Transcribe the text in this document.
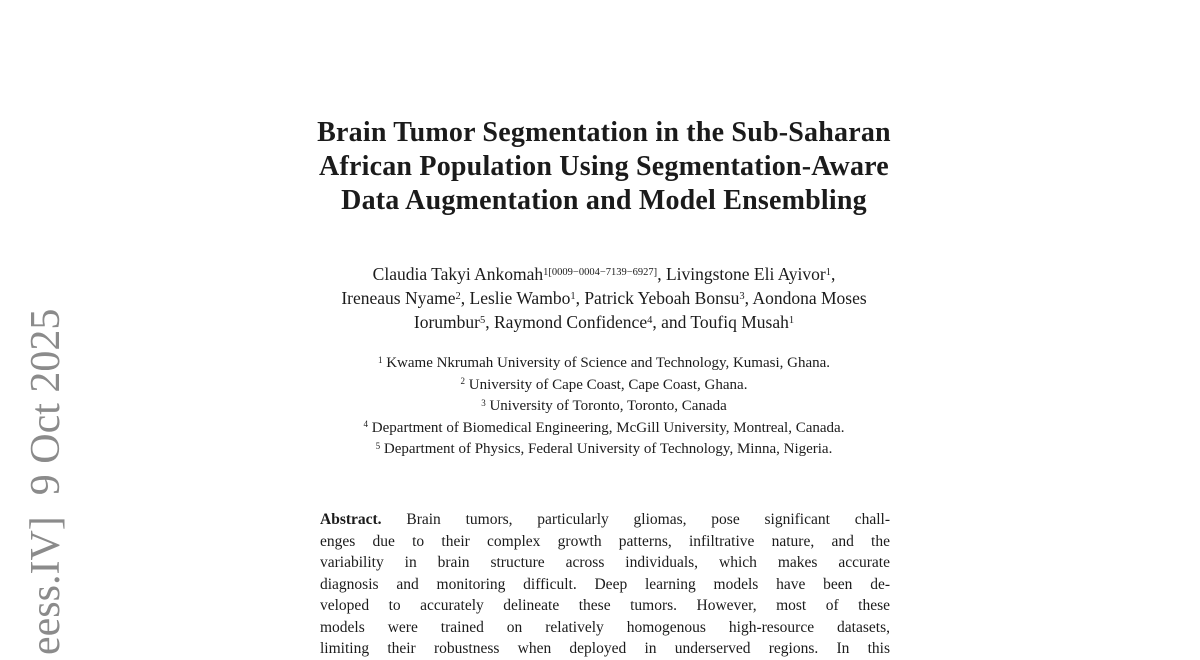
eess.IV]  9 Oct 2025
Brain Tumor Segmentation in the Sub-Saharan
African Population Using Segmentation-Aware
Data Augmentation and Model Ensembling
Claudia Takyi Ankomah$^{1[0009-0004-7139-6927]}$, Livingstone Eli Ayivor$^1$,
Ireneaus Nyame$^2$, Leslie Wambo$^1$, Patrick Yeboah Bonsu$^3$, Aondona Moses
Iorumbur$^5$, Raymond Confidence$^4$, and Toufiq Musah$^1$
$^1$ Kwame Nkrumah University of Science and Technology, Kumasi, Ghana.
$^2$ University of Cape Coast, Cape Coast, Ghana.
$^3$ University of Toronto, Toronto, Canada
$^4$ Department of Biomedical Engineering, McGill University, Montreal, Canada.
$^5$ Department of Physics, Federal University of Technology, Minna, Nigeria.
Abstract. Brain tumors, particularly gliomas, pose significant chall-
enges due to their complex growth patterns, infiltrative nature, and the
variability in brain structure across individuals, which makes accurate
diagnosis and monitoring difficult. Deep learning models have been de-
veloped to accurately delineate these tumors. However, most of these
models were trained on relatively homogenous high-resource datasets,
limiting their robustness when deployed in underserved regions. In this
